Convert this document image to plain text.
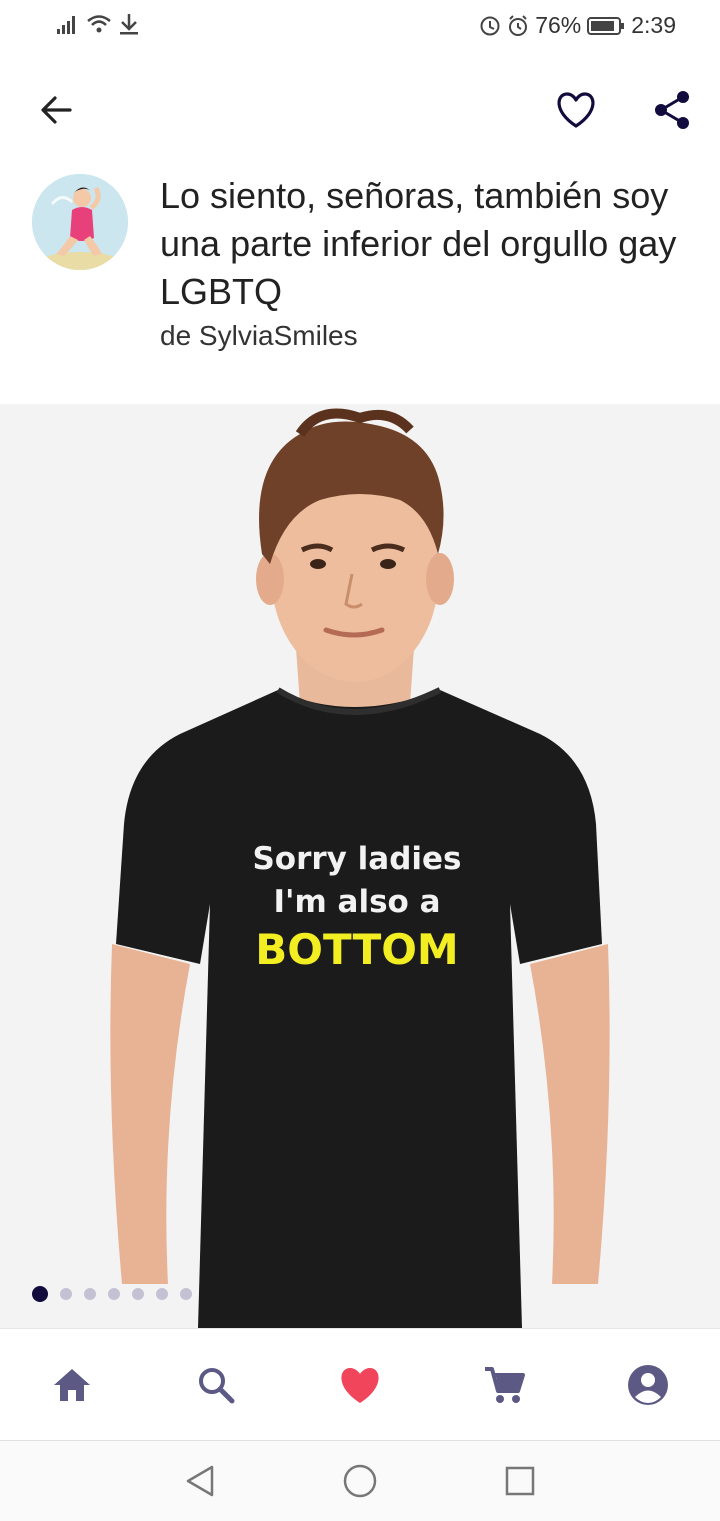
76% 2:39
Lo siento, señoras, también soy una parte inferior del orgullo gay LGBTQ
de SylviaSmiles
Sorry ladies
I'm also a
BOTTOM
